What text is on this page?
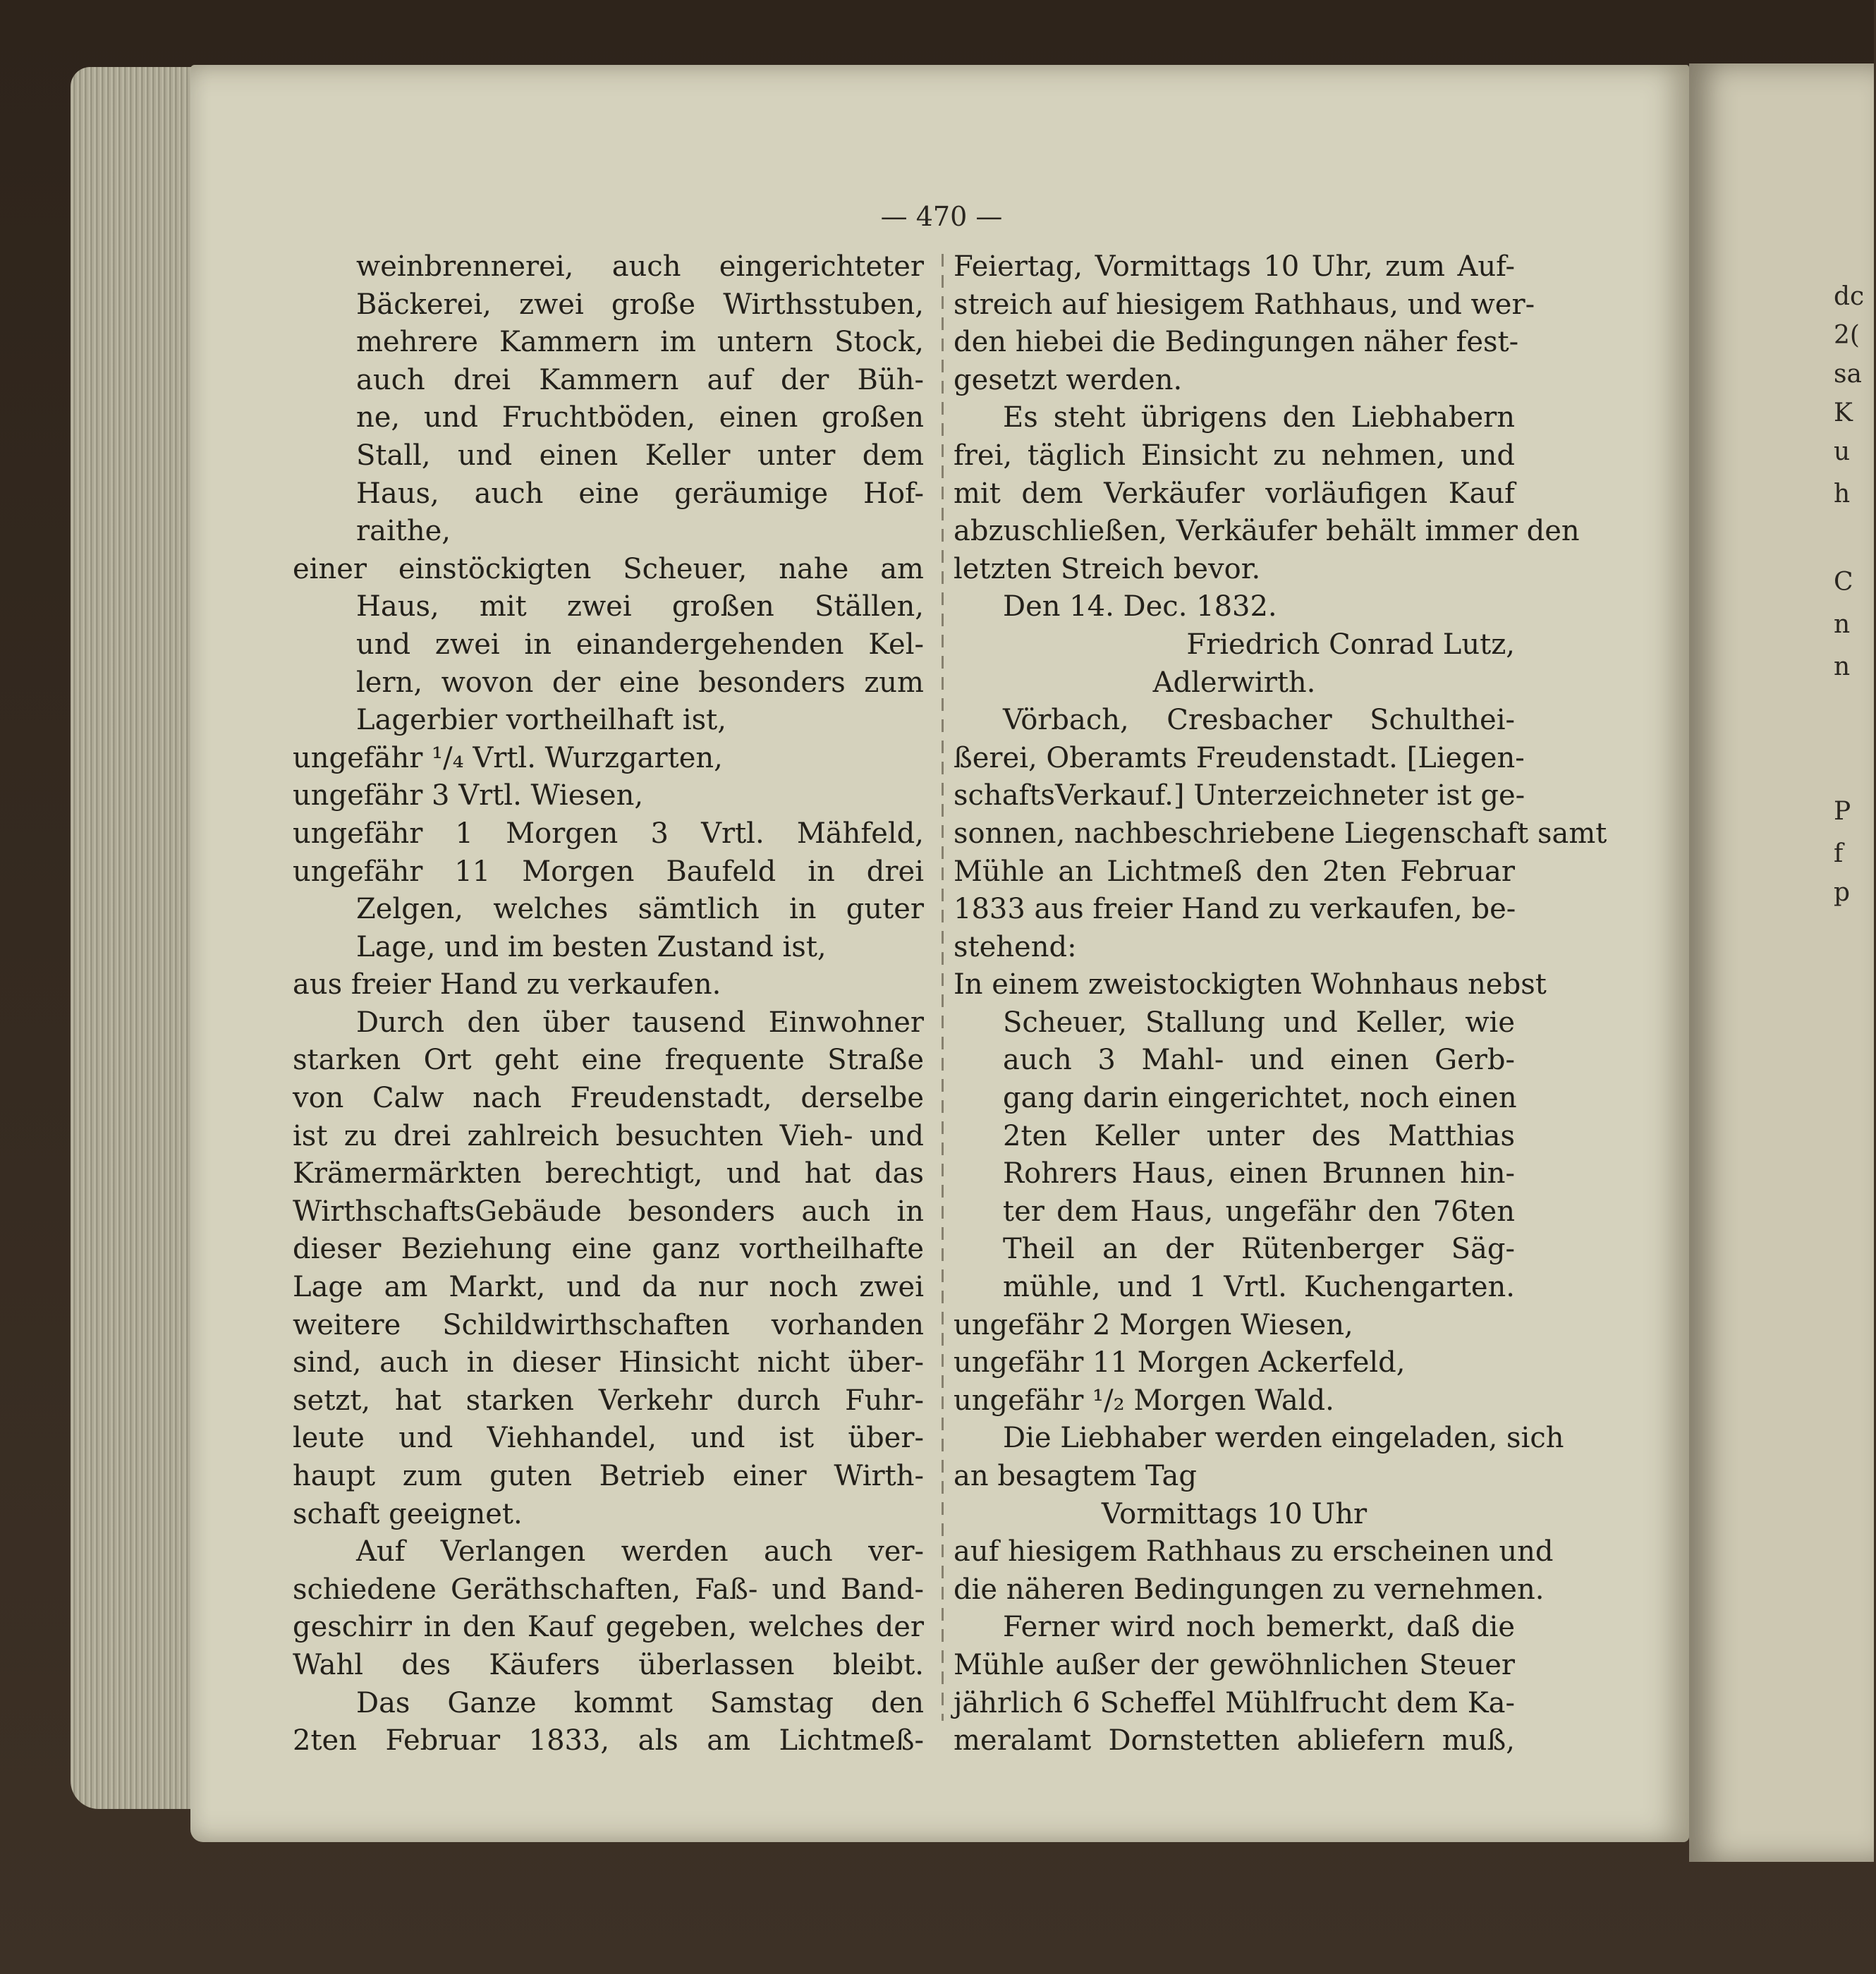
— 470 —
weinbrennerei, auch eingerichteter
Bäckerei, zwei große Wirthsstuben,
mehrere Kammern im untern Stock,
auch drei Kammern auf der Büh-
ne, und Fruchtböden, einen großen
Stall, und einen Keller unter dem
Haus, auch eine geräumige Hof-
raithe,
einer einstöckigten Scheuer, nahe am
Haus, mit zwei großen Ställen,
und zwei in einandergehenden Kel-
lern, wovon der eine besonders zum
Lagerbier vortheilhaft ist,
ungefähr ¹/₄ Vrtl. Wurzgarten,
ungefähr 3 Vrtl. Wiesen,
ungefähr 1 Morgen 3 Vrtl. Mähfeld,
ungefähr 11 Morgen Baufeld in drei
Zelgen, welches sämtlich in guter
Lage, und im besten Zustand ist,
aus freier Hand zu verkaufen.
Durch den über tausend Einwohner
starken Ort geht eine frequente Straße
von Calw nach Freudenstadt, derselbe
ist zu drei zahlreich besuchten Vieh- und
Krämermärkten berechtigt, und hat das
WirthschaftsGebäude besonders auch in
dieser Beziehung eine ganz vortheilhafte
Lage am Markt, und da nur noch zwei
weitere Schildwirthschaften vorhanden
sind, auch in dieser Hinsicht nicht über-
setzt, hat starken Verkehr durch Fuhr-
leute und Viehhandel, und ist über-
haupt zum guten Betrieb einer Wirth-
schaft geeignet.
Auf Verlangen werden auch ver-
schiedene Geräthschaften, Faß- und Band-
geschirr in den Kauf gegeben, welches der
Wahl des Käufers überlassen bleibt.
Das Ganze kommt Samstag den
2ten Februar 1833, als am Lichtmeß-
Feiertag, Vormittags 10 Uhr, zum Auf-
streich auf hiesigem Rathhaus, und wer-
den hiebei die Bedingungen näher fest-
gesetzt werden.
Es steht übrigens den Liebhabern
frei, täglich Einsicht zu nehmen, und
mit dem Verkäufer vorläufigen Kauf
abzuschließen, Verkäufer behält immer den
letzten Streich bevor.
Den 14. Dec. 1832.
Friedrich Conrad Lutz,
Adlerwirth.
Vörbach, Cresbacher Schulthei-
ßerei, Oberamts Freudenstadt. [Liegen-
schaftsVerkauf.] Unterzeichneter ist ge-
sonnen, nachbeschriebene Liegenschaft samt
Mühle an Lichtmeß den 2ten Februar
1833 aus freier Hand zu verkaufen, be-
stehend:
In einem zweistockigten Wohnhaus nebst
Scheuer, Stallung und Keller, wie
auch 3 Mahl- und einen Gerb-
gang darin eingerichtet, noch einen
2ten Keller unter des Matthias
Rohrers Haus, einen Brunnen hin-
ter dem Haus, ungefähr den 76ten
Theil an der Rütenberger Säg-
mühle, und 1 Vrtl. Kuchengarten.
ungefähr 2 Morgen Wiesen,
ungefähr 11 Morgen Ackerfeld,
ungefähr ¹/₂ Morgen Wald.
Die Liebhaber werden eingeladen, sich
an besagtem Tag
Vormittags 10 Uhr
auf hiesigem Rathhaus zu erscheinen und
die näheren Bedingungen zu vernehmen.
Ferner wird noch bemerkt, daß die
Mühle außer der gewöhnlichen Steuer
jährlich 6 Scheffel Mühlfrucht dem Ka-
meralamt Dornstetten abliefern muß,
dc
2(
sa
K
u
h
C
n
n
P
f
p
